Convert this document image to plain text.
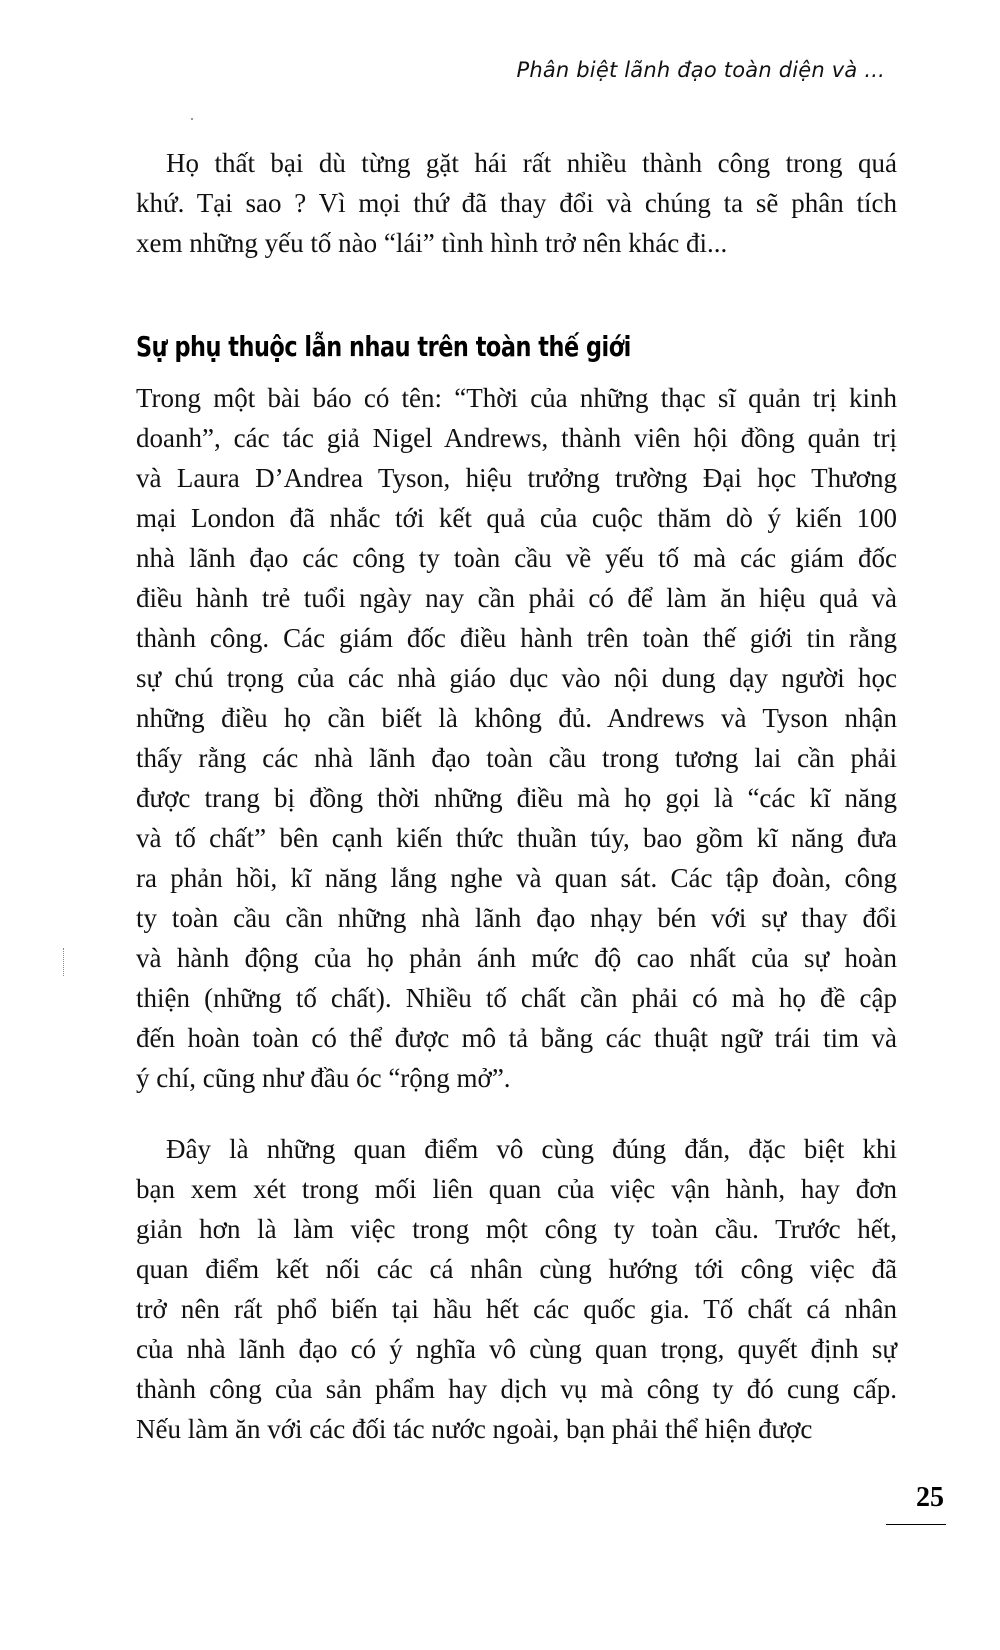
Phân biệt lãnh đạo toàn diện và ...
Họ thất bại dù từng gặt hái rất nhiều thành công trong quá
khứ. Tại sao ? Vì mọi thứ đã thay đổi và chúng ta sẽ phân tích
xem những yếu tố nào “lái” tình hình trở nên khác đi...
Sự phụ thuộc lẫn nhau trên toàn thế giới
Trong một bài báo có tên: “Thời của những thạc sĩ quản trị kinh
doanh”, các tác giả Nigel Andrews, thành viên hội đồng quản trị
và Laura D’Andrea Tyson, hiệu trưởng trường Đại học Thương
mại London đã nhắc tới kết quả của cuộc thăm dò ý kiến 100
nhà lãnh đạo các công ty toàn cầu về yếu tố mà các giám đốc
điều hành trẻ tuổi ngày nay cần phải có để làm ăn hiệu quả và
thành công. Các giám đốc điều hành trên toàn thế giới tin rằng
sự chú trọng của các nhà giáo dục vào nội dung dạy người học
những điều họ cần biết là không đủ. Andrews và Tyson nhận
thấy rằng các nhà lãnh đạo toàn cầu trong tương lai cần phải
được trang bị đồng thời những điều mà họ gọi là “các kĩ năng
và tố chất” bên cạnh kiến thức thuần túy, bao gồm kĩ năng đưa
ra phản hồi, kĩ năng lắng nghe và quan sát. Các tập đoàn, công
ty toàn cầu cần những nhà lãnh đạo nhạy bén với sự thay đổi
và hành động của họ phản ánh mức độ cao nhất của sự hoàn
thiện (những tố chất). Nhiều tố chất cần phải có mà họ đề cập
đến hoàn toàn có thể được mô tả bằng các thuật ngữ trái tim và
ý chí, cũng như đầu óc “rộng mở”.
Đây là những quan điểm vô cùng đúng đắn, đặc biệt khi
bạn xem xét trong mối liên quan của việc vận hành, hay đơn
giản hơn là làm việc trong một công ty toàn cầu. Trước hết,
quan điểm kết nối các cá nhân cùng hướng tới công việc đã
trở nên rất phổ biến tại hầu hết các quốc gia. Tố chất cá nhân
của nhà lãnh đạo có ý nghĩa vô cùng quan trọng, quyết định sự
thành công của sản phẩm hay dịch vụ mà công ty đó cung cấp.
Nếu làm ăn với các đối tác nước ngoài, bạn phải thể hiện được
25
